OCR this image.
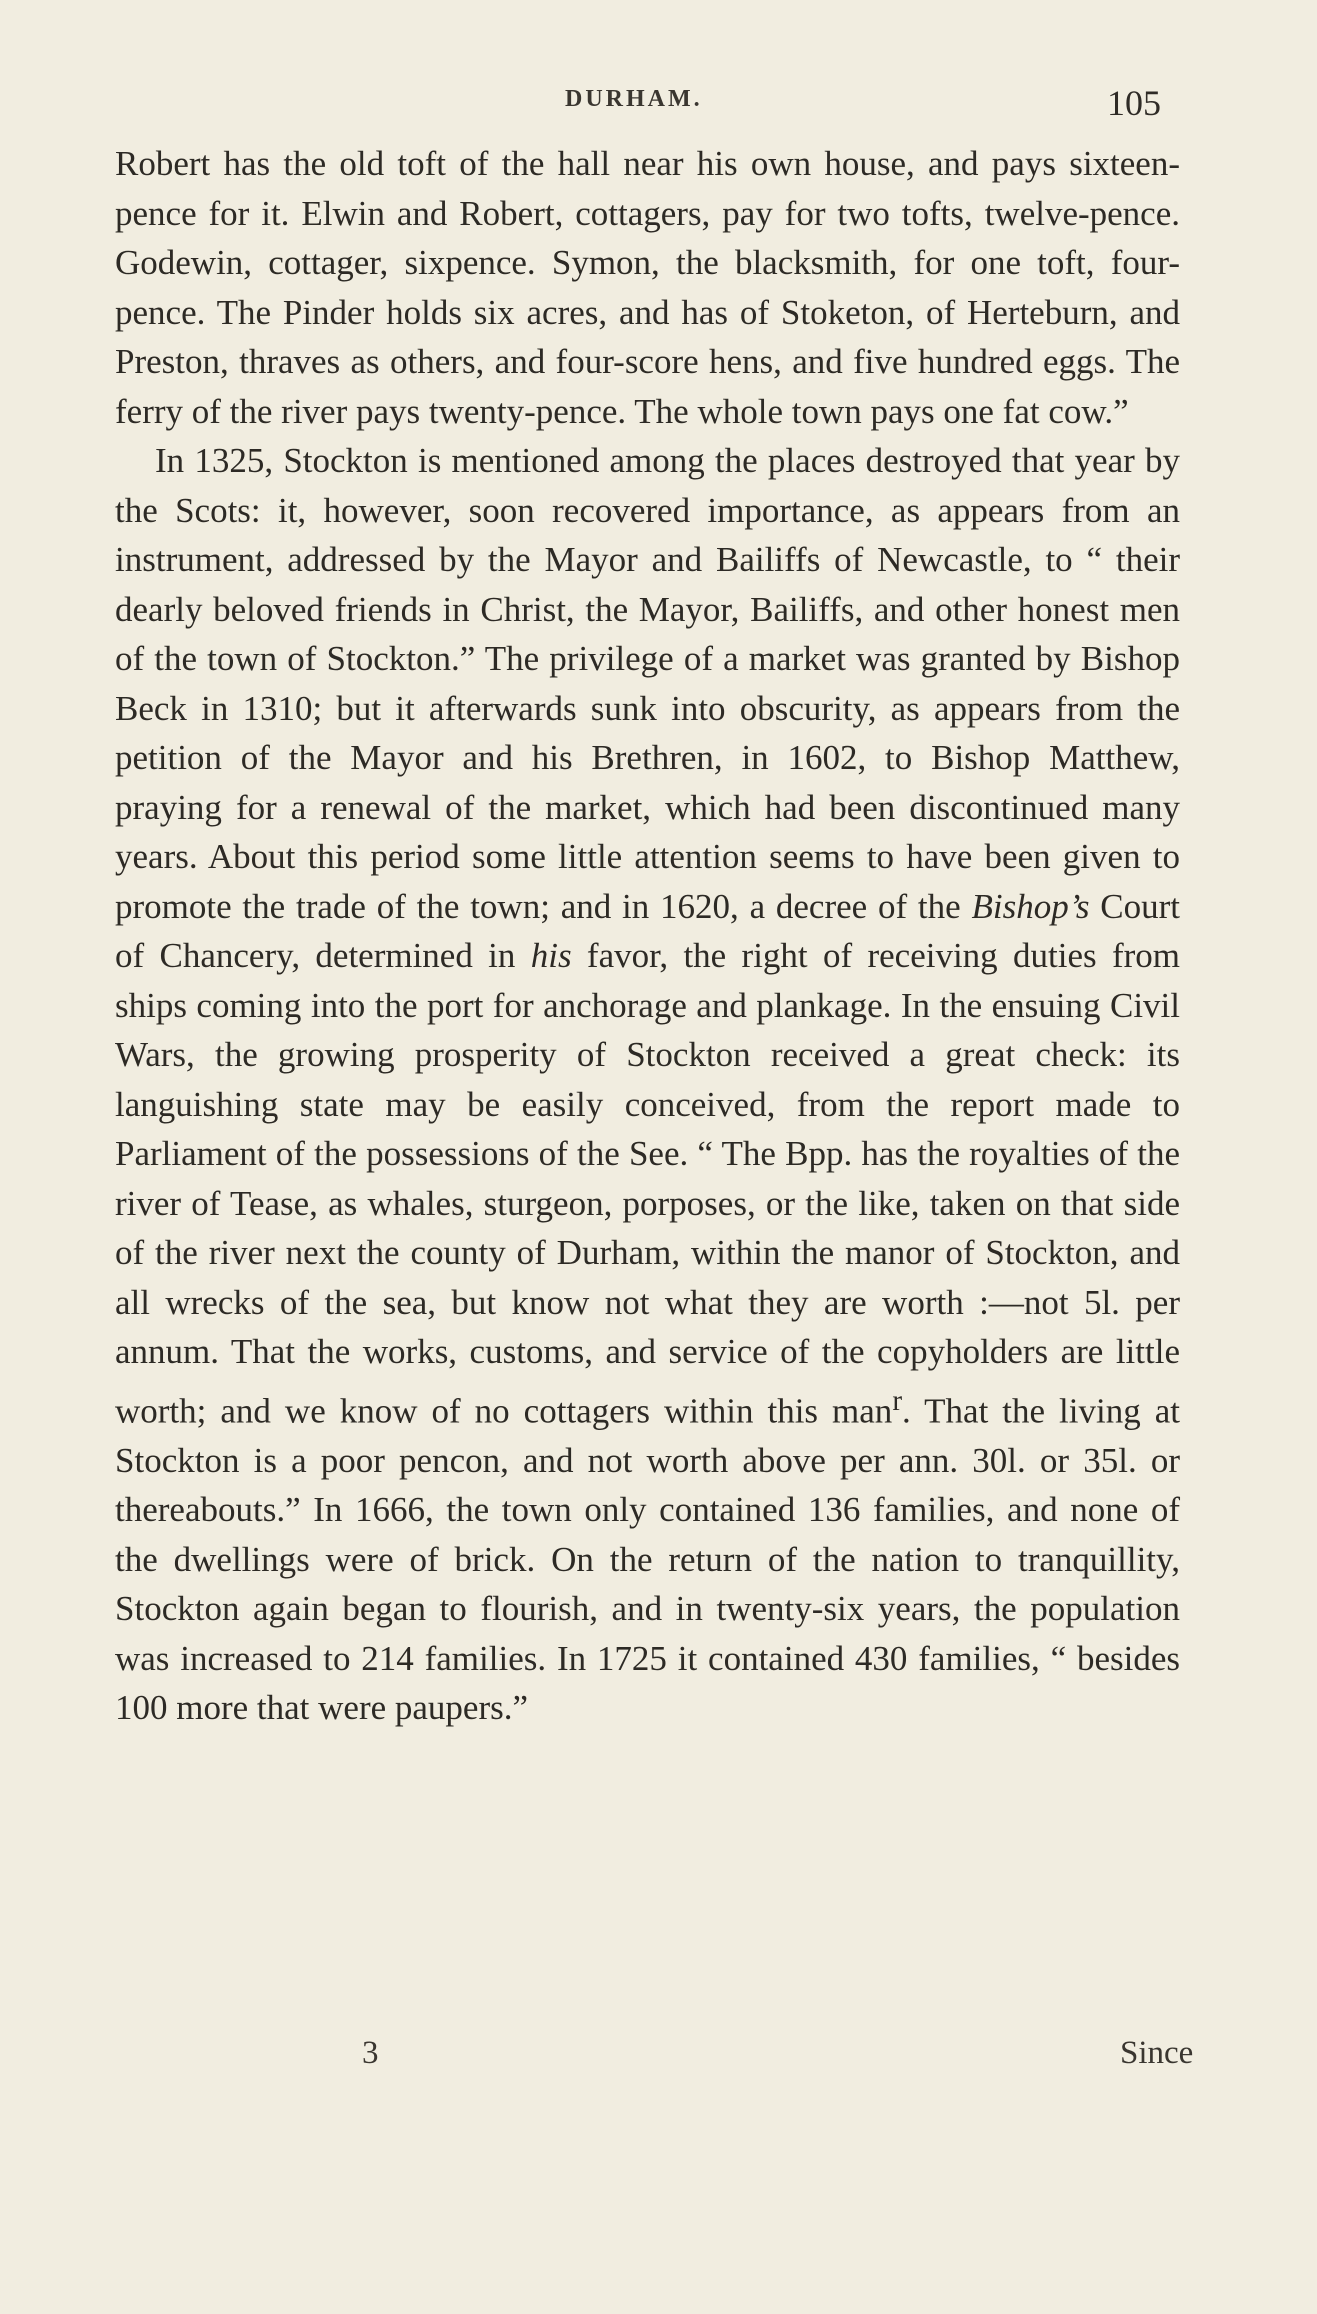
DURHAM.	105

Robert has the old toft of the hall near his own house, and pays sixteen-pence for it. Elwin and Robert, cottagers, pay for two tofts, twelve-pence. Godewin, cottager, sixpence. Symon, the blacksmith, for one toft, four-pence. The Pinder holds six acres, and has of Stoketon, of Herteburn, and Preston, thraves as others, and four-score hens, and five hundred eggs. The ferry of the river pays twenty-pence. The whole town pays one fat cow.”

In 1325, Stockton is mentioned among the places destroyed that year by the Scots: it, however, soon recovered importance, as appears from an instrument, addressed by the Mayor and Bailiffs of Newcastle, to “ their dearly beloved friends in Christ, the Mayor, Bailiffs, and other honest men of the town of Stockton.” The privilege of a market was granted by Bishop Beck in 1310; but it afterwards sunk into obscurity, as appears from the petition of the Mayor and his Brethren, in 1602, to Bishop Matthew, praying for a renewal of the market, which had been discontinued many years. About this period some little attention seems to have been given to promote the trade of the town; and in 1620, a decree of the Bishop’s Court of Chancery, determined in his favor, the right of receiving duties from ships coming into the port for anchorage and plankage. In the ensuing Civil Wars, the growing prosperity of Stockton received a great check: its languishing state may be easily conceived, from the report made to Parliament of the possessions of the See. “ The Bpp. has the royalties of the river of Tease, as whales, sturgeon, porposes, or the like, taken on that side of the river next the county of Durham, within the manor of Stockton, and all wrecks of the sea, but know not what they are worth :—not 5l. per annum. That the works, customs, and service of the copyholders are little worth; and we know of no cottagers within this man$^r$. That the living at Stockton is a poor pencon, and not worth above per ann. 30l. or 35l. or thereabouts.” In 1666, the town only contained 136 families, and none of the dwellings were of brick. On the return of the nation to tranquillity, Stockton again began to flourish, and in twenty-six years, the population was increased to 214 families. In 1725 it contained 430 families, “ besides 100 more that were paupers.”

3	Since
